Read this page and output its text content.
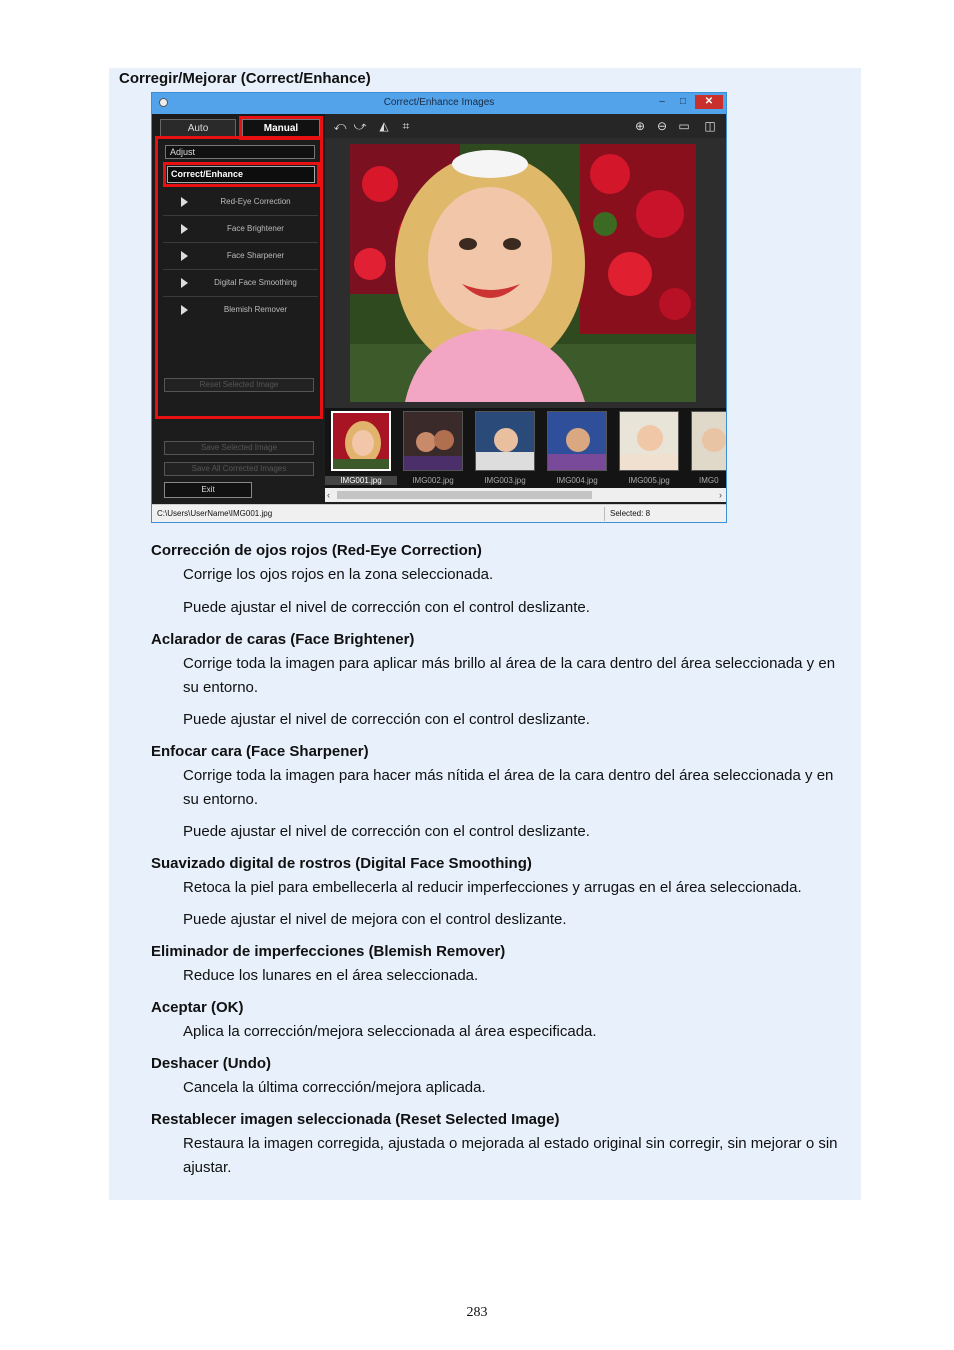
Corregir/Mejorar (Correct/Enhance)
Correct/Enhance Images	–	□	✕
Auto	Manual
Adjust
Correct/Enhance
Red-Eye Correction
Face Brightener
Face Sharpener
Digital Face Smoothing
Blemish Remover
Reset Selected Image
Save Selected Image
Save All Corrected Images
Exit
⤺ ⤻ ◭	⌗	⊕ ⊖ ▭ ◫
IMG001.jpg	IMG002.jpg	IMG003.jpg	IMG004.jpg	IMG005.jpg	IMG0
‹	›
C:\Users\UserName\IMG001.jpg	Selected: 8
Corrección de ojos rojos (Red-Eye Correction)
Corrige los ojos rojos en la zona seleccionada.
Puede ajustar el nivel de corrección con el control deslizante.
Aclarador de caras (Face Brightener)
Corrige toda la imagen para aplicar más brillo al área de la cara dentro del área seleccionada y en su entorno.
Puede ajustar el nivel de corrección con el control deslizante.
Enfocar cara (Face Sharpener)
Corrige toda la imagen para hacer más nítida el área de la cara dentro del área seleccionada y en su entorno.
Puede ajustar el nivel de corrección con el control deslizante.
Suavizado digital de rostros (Digital Face Smoothing)
Retoca la piel para embellecerla al reducir imperfecciones y arrugas en el área seleccionada.
Puede ajustar el nivel de mejora con el control deslizante.
Eliminador de imperfecciones (Blemish Remover)
Reduce los lunares en el área seleccionada.
Aceptar (OK)
Aplica la corrección/mejora seleccionada al área especificada.
Deshacer (Undo)
Cancela la última corrección/mejora aplicada.
Restablecer imagen seleccionada (Reset Selected Image)
Restaura la imagen corregida, ajustada o mejorada al estado original sin corregir, sin mejorar o sin ajustar.
283
